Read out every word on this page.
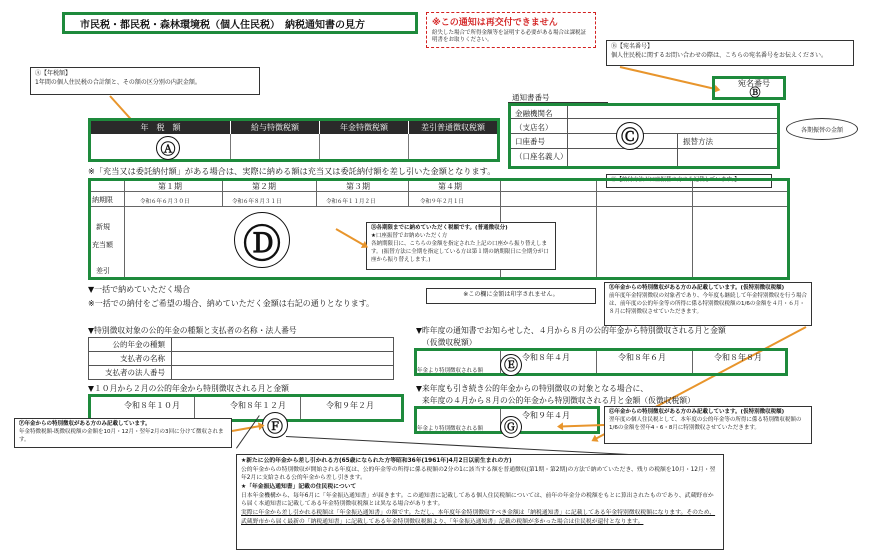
市民税・都民税・森林環境税（個人住民税）　納税通知書の見方	※この通知は再交付できません
紛失した場合で所得金額等を証明する必要がある場合は課税証明書をお取りください。
Ⓐ【年税額】
1年間の個人住民税の合計額と、その額の区分別の内訳金額。
Ⓑ【宛名番号】
個人住民税に関するお問い合わせの際は、こちらの宛名番号をお伝えください。
宛名番号
Ⓑ
通知書番号
金融機関名
（支店名）
口座番号
（口座名義人）
振替方法
Ⓒ	各期振替の金額
Ⓒ【納付方法が口座振替の方のみ記載しています。】
年　税　額	給与特徴税額	年金特徴税額	差引普通徴収税額
Ⓐ
※「充当又は委託納付額」がある場合は、実際に納める額は充当又は委託納付額を差し引いた金額となります。
第１期	第２期	第３期	第４期
納期限	令和６年６月３０日	令和６年８月３１日	令和６年１１月２日	令和９年２月１日
新規
充当額
差引
Ⓓ	Ⓓ各期限までに納めていただく税額です。(普通徴収分)
★口座振替でお納めいただく方
各納期限日に、こちらの金額を指定された上記の口座から振り替えします。(振替方法に全期を指定している方は第１期の納期限日に全期分が口座から振り替えします。)
▼一括で納めていただく場合
※一括での納付をご希望の場合、納めていただく金額は右記の通りとなります。
※この欄に金額は印字されません。
Ⓔ年金からの特別徴収がある方のみ記載しています。(仮特別徴収税額)
前年度年金特別徴収の対象者であり、今年度も継続して年金特別徴収を行う場合は、前年度の公的年金等の所得に係る特別徴収税額の1/6の金額を４月・６月・８月に特別徴収させていただきます。
▼特別徴収対象の公的年金の種類と支払者の名称・法人番号
公的年金の種類	
支払者の名称	
支払者の法人番号	
▼昨年度の通知書でお知らせした、４月から８月の公的年金から特別徴収される月と金額
（仮徴収税額）
令和８年４月	令和８年６月	令和８年８月
年金より特別徴収される額 Ⓔ
▼１０月から２月の公的年金から特別徴収される月と金額
令和８年１０月	令和８年１２月	令和９年２月
Ⓕ
Ⓕ年金からの特別徴収がある方のみ記載しています。
年金特徴税額-既徴収税額の金額を10月・12月・翌年2月の3回に分けて徴収されます。
▼来年度も引き続き公的年金からの特別徴収の対象となる場合に、
来年度の４月から８月の公的年金から特別徴収される月と金額（仮徴収税額）
令和９年４月
年金より特別徴収される額 Ⓖ
Ⓖ年金からの特別徴収がある方のみ記載しています。(仮特別徴収税額)
翌年度の個人住民税として、本年度の公的年金等の所得に係る特別徴収税額の1/6の金額を翌年4・6・8月に特別徴収させていただきます。
★新たに公的年金から差し引かれる方(65歳になられた方等昭和36年(1961年)4月2日以前生まれの方)
公的年金からの特別徴収が開始される年度は、公的年金等の所得に係る税額の2分の1に該当する額を普通徴収(第1期・第2期)の方法で納めていただき、残りの税額を10月・12月・翌年2月に支給される公的年金から差し引きます。
★「年金振込通知書」記載の住民税について
日本年金機構から、毎年6月に「年金振込通知書」が届きます。この通知書に記載してある個人住民税額については、前年の年金分の税額をもとに算出されたものであり、武蔵野市から届く本通知書に記載してある年金特別徴収税額とは異なる場合があります。
実際に年金から差し引かれる税額は「年金振込通知書」の額です。ただし、本年度年金特別徴収すべき金額は「納税通知書」に記載してある年金特別徴収税額になります。そのため、武蔵野市から届く最新の「納税通知書」に記載してある年金特別徴収税額より、「年金振込通知書」記載の税額が多かった場合は住民税が還付となります。
